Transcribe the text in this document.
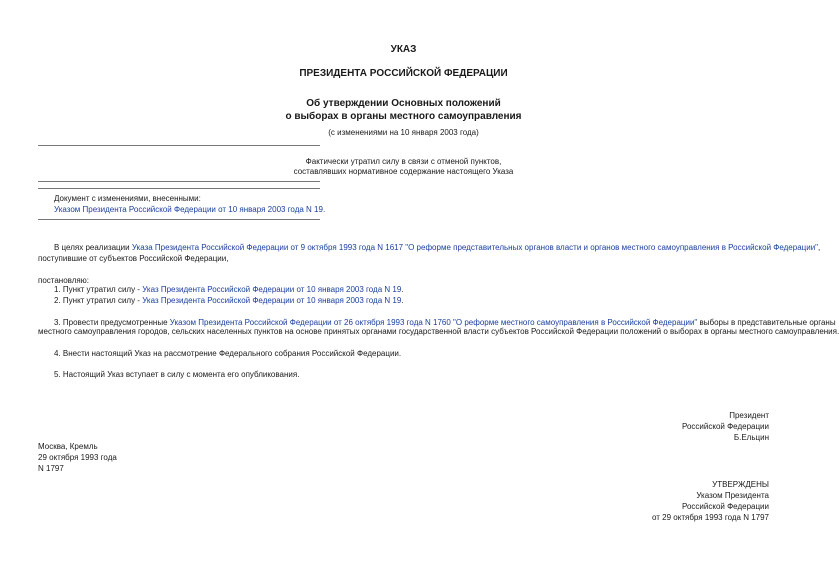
УКАЗ
ПРЕЗИДЕНТА РОССИЙСКОЙ ФЕДЕРАЦИИ
Об утверждении Основных положений
о выборах в органы местного самоуправления
(с изменениями на 10 января 2003 года)
Фактически утратил силу в связи с отменой пунктов,
составлявших нормативное содержание настоящего Указа
Документ с изменениями, внесенными:
Указом Президента Российской Федерации от 10 января 2003 года N 19.
В целях реализации Указа Президента Российской Федерации от 9 октября 1993 года N 1617 "О реформе представительных органов власти и органов местного самоуправления в Российской Федерации",
поступившие от субъектов Российской Федерации,
постановляю:
1. Пункт утратил силу - Указ Президента Российской Федерации от 10 января 2003 года N 19.
2. Пункт утратил силу - Указ Президента Российской Федерации от 10 января 2003 года N 19.
3. Провести предусмотренные Указом Президента Российской Федерации от 26 октября 1993 года N 1760 "О реформе местного самоуправления в Российской Федерации" выборы в представительные органы
местного самоуправления городов, сельских населенных пунктов на основе принятых органами государственной власти субъектов Российской Федерации положений о выборах в органы местного самоуправления.
4. Внести настоящий Указ на рассмотрение Федерального собрания Российской Федерации.
5. Настоящий Указ вступает в силу с момента его опубликования.
Президент
Российской Федерации
Б.Ельцин
Москва, Кремль
29 октября 1993 года
N 1797
УТВЕРЖДЕНЫ
Указом Президента
Российской Федерации
от 29 октября 1993 года N 1797
